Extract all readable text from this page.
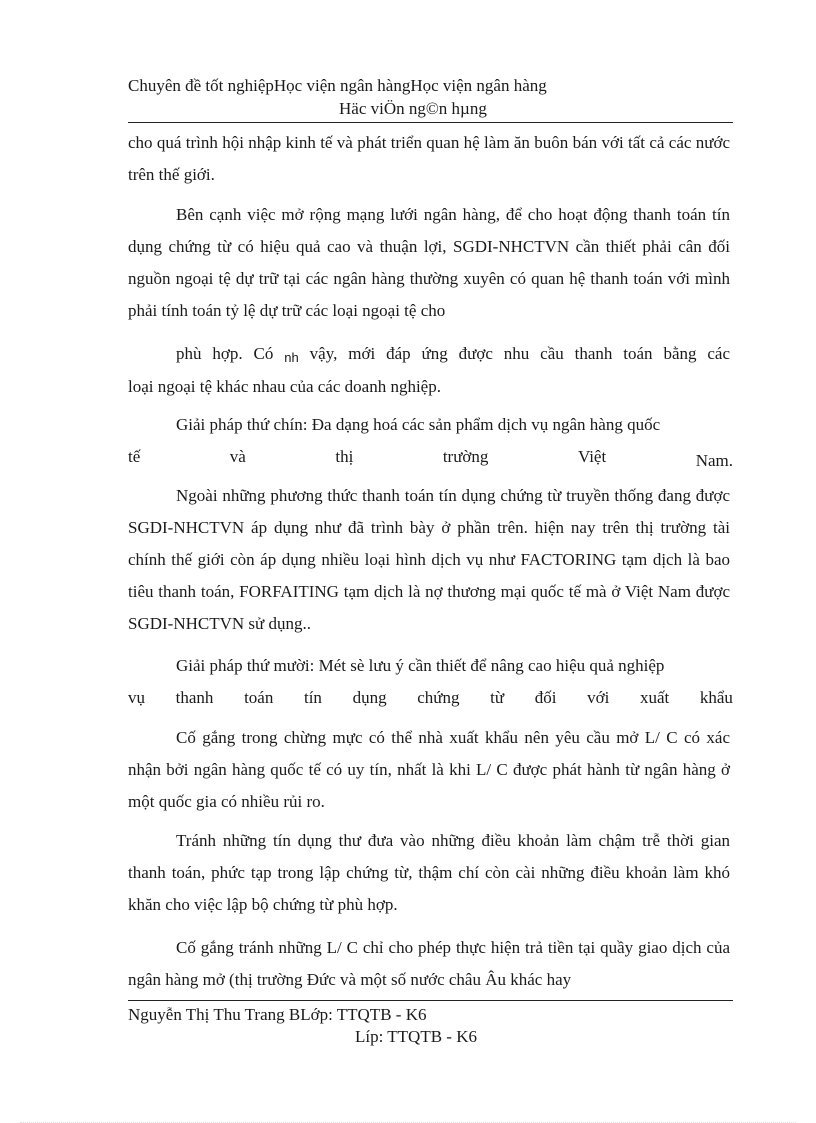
Chuyên đề tốt nghiệpHọc viện ngân hàngHọc viện ngân hàng
Häc viÖn ng©n hµng
cho quá trình hội nhập kinh tế và phát triển quan hệ làm ăn buôn bán với tất cả các nước trên thế giới.
Bên cạnh việc mở rộng mạng lưới ngân hàng, để cho hoạt động thanh toán tín dụng chứng từ có hiệu quả cao và thuận lợi, SGDI-NHCTVN cần thiết phải cân đối nguồn ngoại tệ dự trữ tại các ngân hàng thường xuyên có quan hệ thanh toán với mình phải tính toán tỷ lệ dự trữ các loại ngoại tệ cho
phù hợp. Có nh vậy, mới đáp ứng được nhu cầu thanh toán bằng các
loại ngoại tệ khác nhau của các doanh nghiệp.
Giải pháp thứ chín: Đa dạng hoá các sản phẩm dịch vụ ngân hàng quốc
tế	và	thị	trường	Việt	Nam.
Ngoài những phương thức thanh toán tín dụng chứng từ truyền thống đang được SGDI-NHCTVN áp dụng như đã trình bày ở phần trên. hiện nay trên thị trường tài chính thế giới còn áp dụng nhiều loại hình dịch vụ như FACTORING tạm dịch là bao tiêu thanh toán, FORFAITING tạm dịch là nợ thương mại quốc tế mà ở Việt Nam được SGDI-NHCTVN sử dụng..
Giải pháp thứ mười: Mét sè lưu ý cần thiết để nâng cao hiệu quả nghiệp
vụ thanh toán tín dụng chứng từ đối với xuất khẩu
Cố gắng trong chừng mực có thể nhà xuất khẩu nên yêu cầu mở L/ C có xác nhận bởi ngân hàng quốc tế có uy tín, nhất là khi L/ C được phát hành từ ngân hàng ở một quốc gia có nhiều rủi ro.
Tránh những tín dụng thư đưa vào những điều khoản làm chậm trễ thời gian thanh toán, phức tạp trong lập chứng từ, thậm chí còn cài những điều khoản làm khó khăn cho việc lập bộ chứng từ phù hợp.
Cố gắng tránh những L/ C chỉ cho phép thực hiện trả tiền tại quầy giao dịch của ngân hàng mở (thị trường Đức và một số nước châu Âu khác hay
Nguyễn Thị Thu Trang BLớp: TTQTB - K6
Líp: TTQTB - K6
